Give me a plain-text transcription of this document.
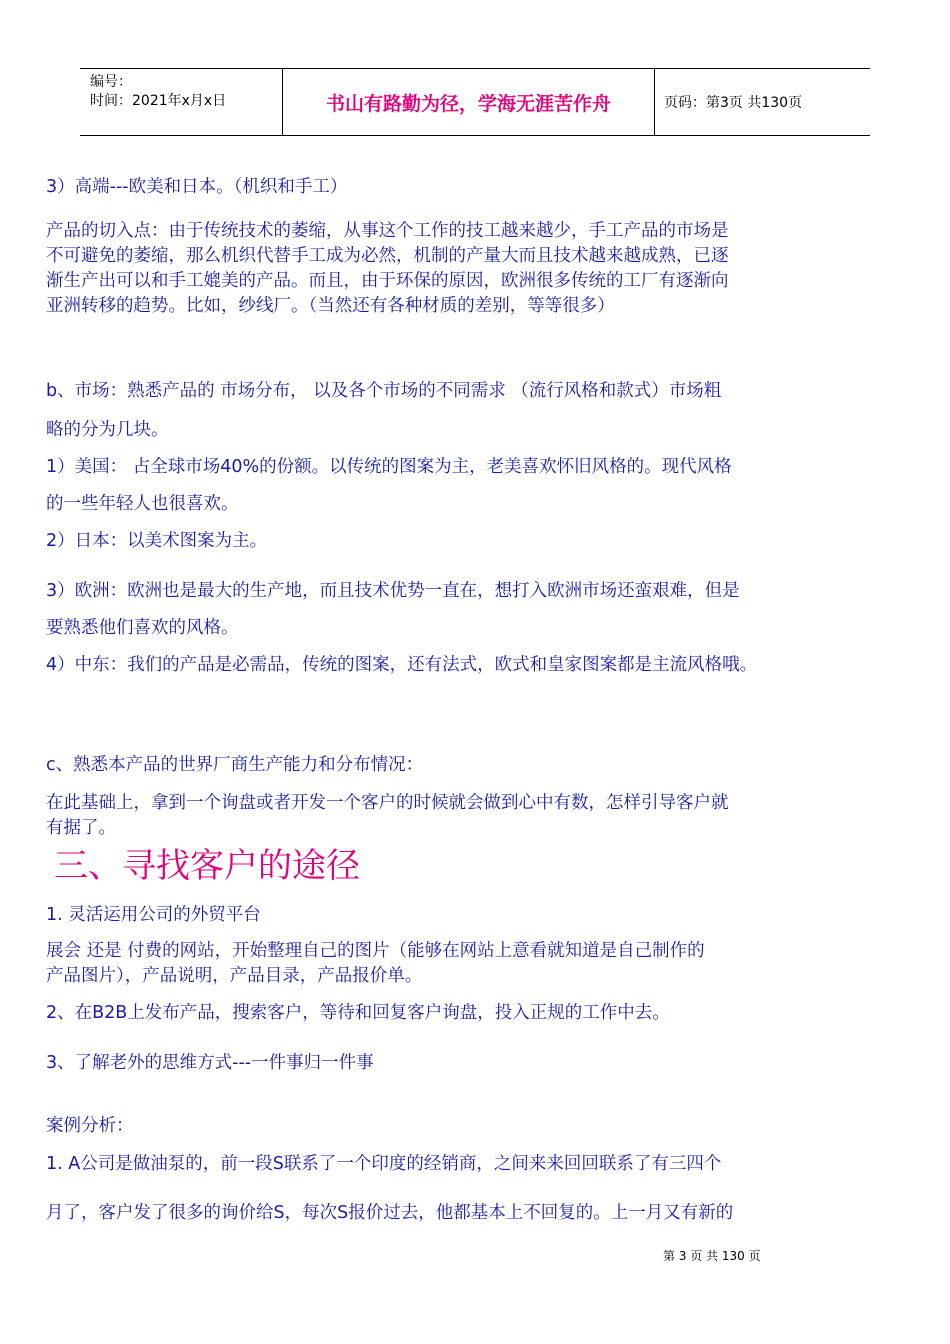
编号：
时间：2021年x月x日	书山有路勤为径，学海无涯苦作舟	页码：第3页 共130页

3）高端---欧美和日本。（机织和手工）

产品的切入点：由于传统技术的萎缩，从事这个工作的技工越来越少，手工产品的市场是

不可避免的萎缩，那么机织代替手工成为必然，机制的产量大而且技术越来越成熟，已逐

渐生产出可以和手工媲美的产品。而且，由于环保的原因，欧洲很多传统的工厂有逐渐向

亚洲转移的趋势。比如，纱线厂。（当然还有各种材质的差别，等等很多）

b、市场：熟悉产品的 市场分布， 以及各个市场的不同需求 （流行风格和款式）市场粗

略的分为几块。

1）美国： 占全球市场40%的份额。以传统的图案为主，老美喜欢怀旧风格的。现代风格

的一些年轻人也很喜欢。

2）日本：以美术图案为主。

3）欧洲：欧洲也是最大的生产地，而且技术优势一直在，想打入欧洲市场还蛮艰难，但是

要熟悉他们喜欢的风格。

4）中东：我们的产品是必需品，传统的图案，还有法式，欧式和皇家图案都是主流风格哦。

c、熟悉本产品的世界厂商生产能力和分布情况：

在此基础上，拿到一个询盘或者开发一个客户的时候就会做到心中有数，怎样引导客户就

有据了。

1. 灵活运用公司的外贸平台

展会 还是 付费的网站，开始整理自己的图片（能够在网站上意看就知道是自己制作的

产品图片），产品说明，产品目录，产品报价单。

2、在B2B上发布产品，搜索客户，等待和回复客户询盘，投入正规的工作中去。

3、了解老外的思维方式---一件事归一件事

案例分析：

1. A公司是做油泵的，前一段S联系了一个印度的经销商，之间来来回回联系了有三四个

月了，客户发了很多的询价给S，每次S报价过去，他都基本上不回复的。上一月又有新的

三、寻找客户的途径
第 3 页 共 130 页
